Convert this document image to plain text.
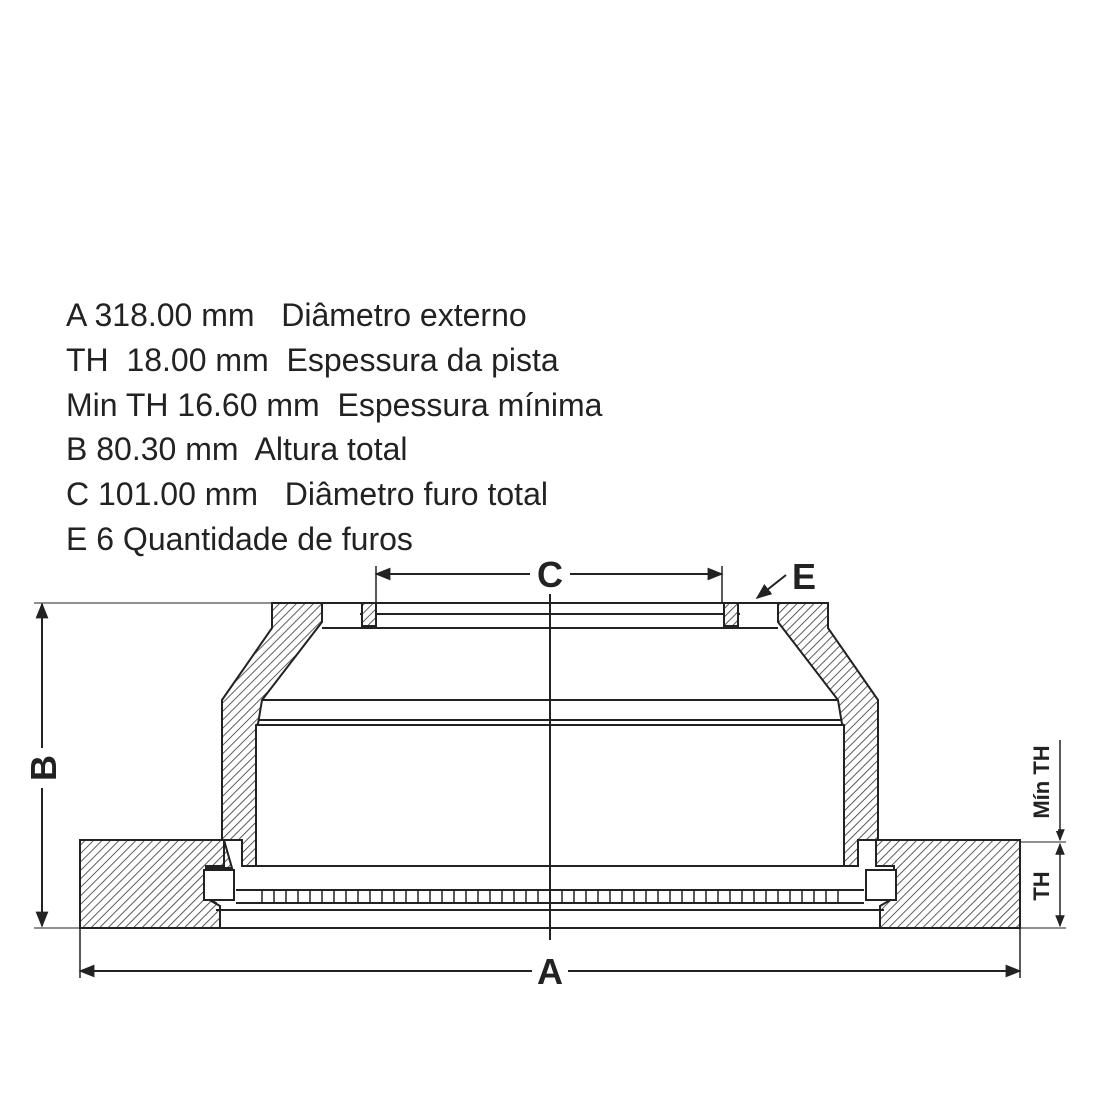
A 318.00 mm Diâmetro externo
TH 18.00 mm Espessura da pista
Min TH 16.60 mm Espessura mínima
B 80.30 mm Altura total
C 101.00 mm Diâmetro furo total
E 6 Quantidade de furos
A
B
C	E
Mín TH
TH
